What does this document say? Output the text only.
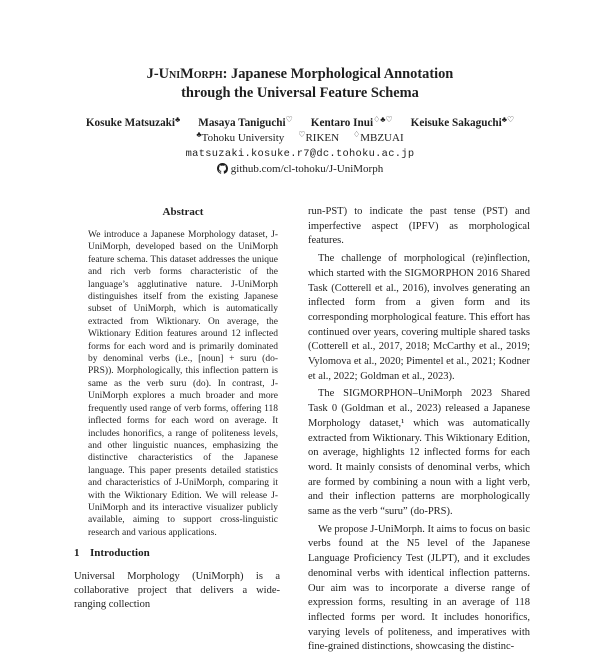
J-UniMorph: Japanese Morphological Annotation
through the Universal Feature Schema
Kosuke Matsuzaki♣ Masaya Taniguchi♡ Kentaro Inui♢♣♡ Keisuke Sakaguchi♣♡
♣Tohoku University ♡RIKEN ♢MBZUAI
matsuzaki.kosuke.r7@dc.tohoku.ac.jp
github.com/cl-tohoku/J-UniMorph
Abstract

We introduce a Japanese Morphology dataset, J-UniMorph, developed based on the UniMorph feature schema. This dataset addresses the unique and rich verb forms characteristic of the language’s agglutinative nature. J-UniMorph distinguishes itself from the existing Japanese subset of UniMorph, which is automatically extracted from Wiktionary. On average, the Wiktionary Edition features around 12 inflected forms for each word and is primarily dominated by denominal verbs (i.e., [noun] + suru (do-PRS)). Morphologically, this inflection pattern is same as the verb suru (do). In contrast, J-UniMorph explores a much broader and more frequently used range of verb forms, offering 118 inflected forms for each word on average. It includes honorifics, a range of politeness levels, and other linguistic nuances, emphasizing the distinctive characteristics of the Japanese language. This paper presents detailed statistics and characteristics of J-UniMorph, comparing it with the Wiktionary Edition. We will release J-UniMorph and its interactive visualizer publicly available, aiming to support cross-linguistic research and various applications.

1 Introduction
Universal Morphology (UniMorph) is a collaborative project that delivers a wide-ranging collection

run-PST) to indicate the past tense (PST) and imperfective aspect (IPFV) as morphological features.

The challenge of morphological (re)inflection, which started with the SIGMORPHON 2016 Shared Task (Cotterell et al., 2016), involves generating an inflected form from a given form and its corresponding morphological feature. This effort has continued over years, covering multiple shared tasks (Cotterell et al., 2017, 2018; McCarthy et al., 2019; Vylomova et al., 2020; Pimentel et al., 2021; Kodner et al., 2022; Goldman et al., 2023).

The SIGMORPHON–UniMorph 2023 Shared Task 0 (Goldman et al., 2023) released a Japanese Morphology dataset,¹ which was automatically extracted from Wiktionary. This Wiktionary Edition, on average, highlights 12 inflected forms for each word. It mainly consists of denominal verbs, which are formed by combining a noun with a light verb, and their inflection patterns are morphologically same as the verb “suru” (do-PRS).

We propose J-UniMorph. It aims to focus on basic verbs found at the N5 level of the Japanese Language Proficiency Test (JLPT), and it excludes denominal verbs with identical inflection patterns. Our aim was to incorporate a diverse range of expression forms, resulting in an average of 118 inflected forms per word. It includes honorifics, varying levels of politeness, and imperatives with fine-grained distinctions, showcasing the distinc-
